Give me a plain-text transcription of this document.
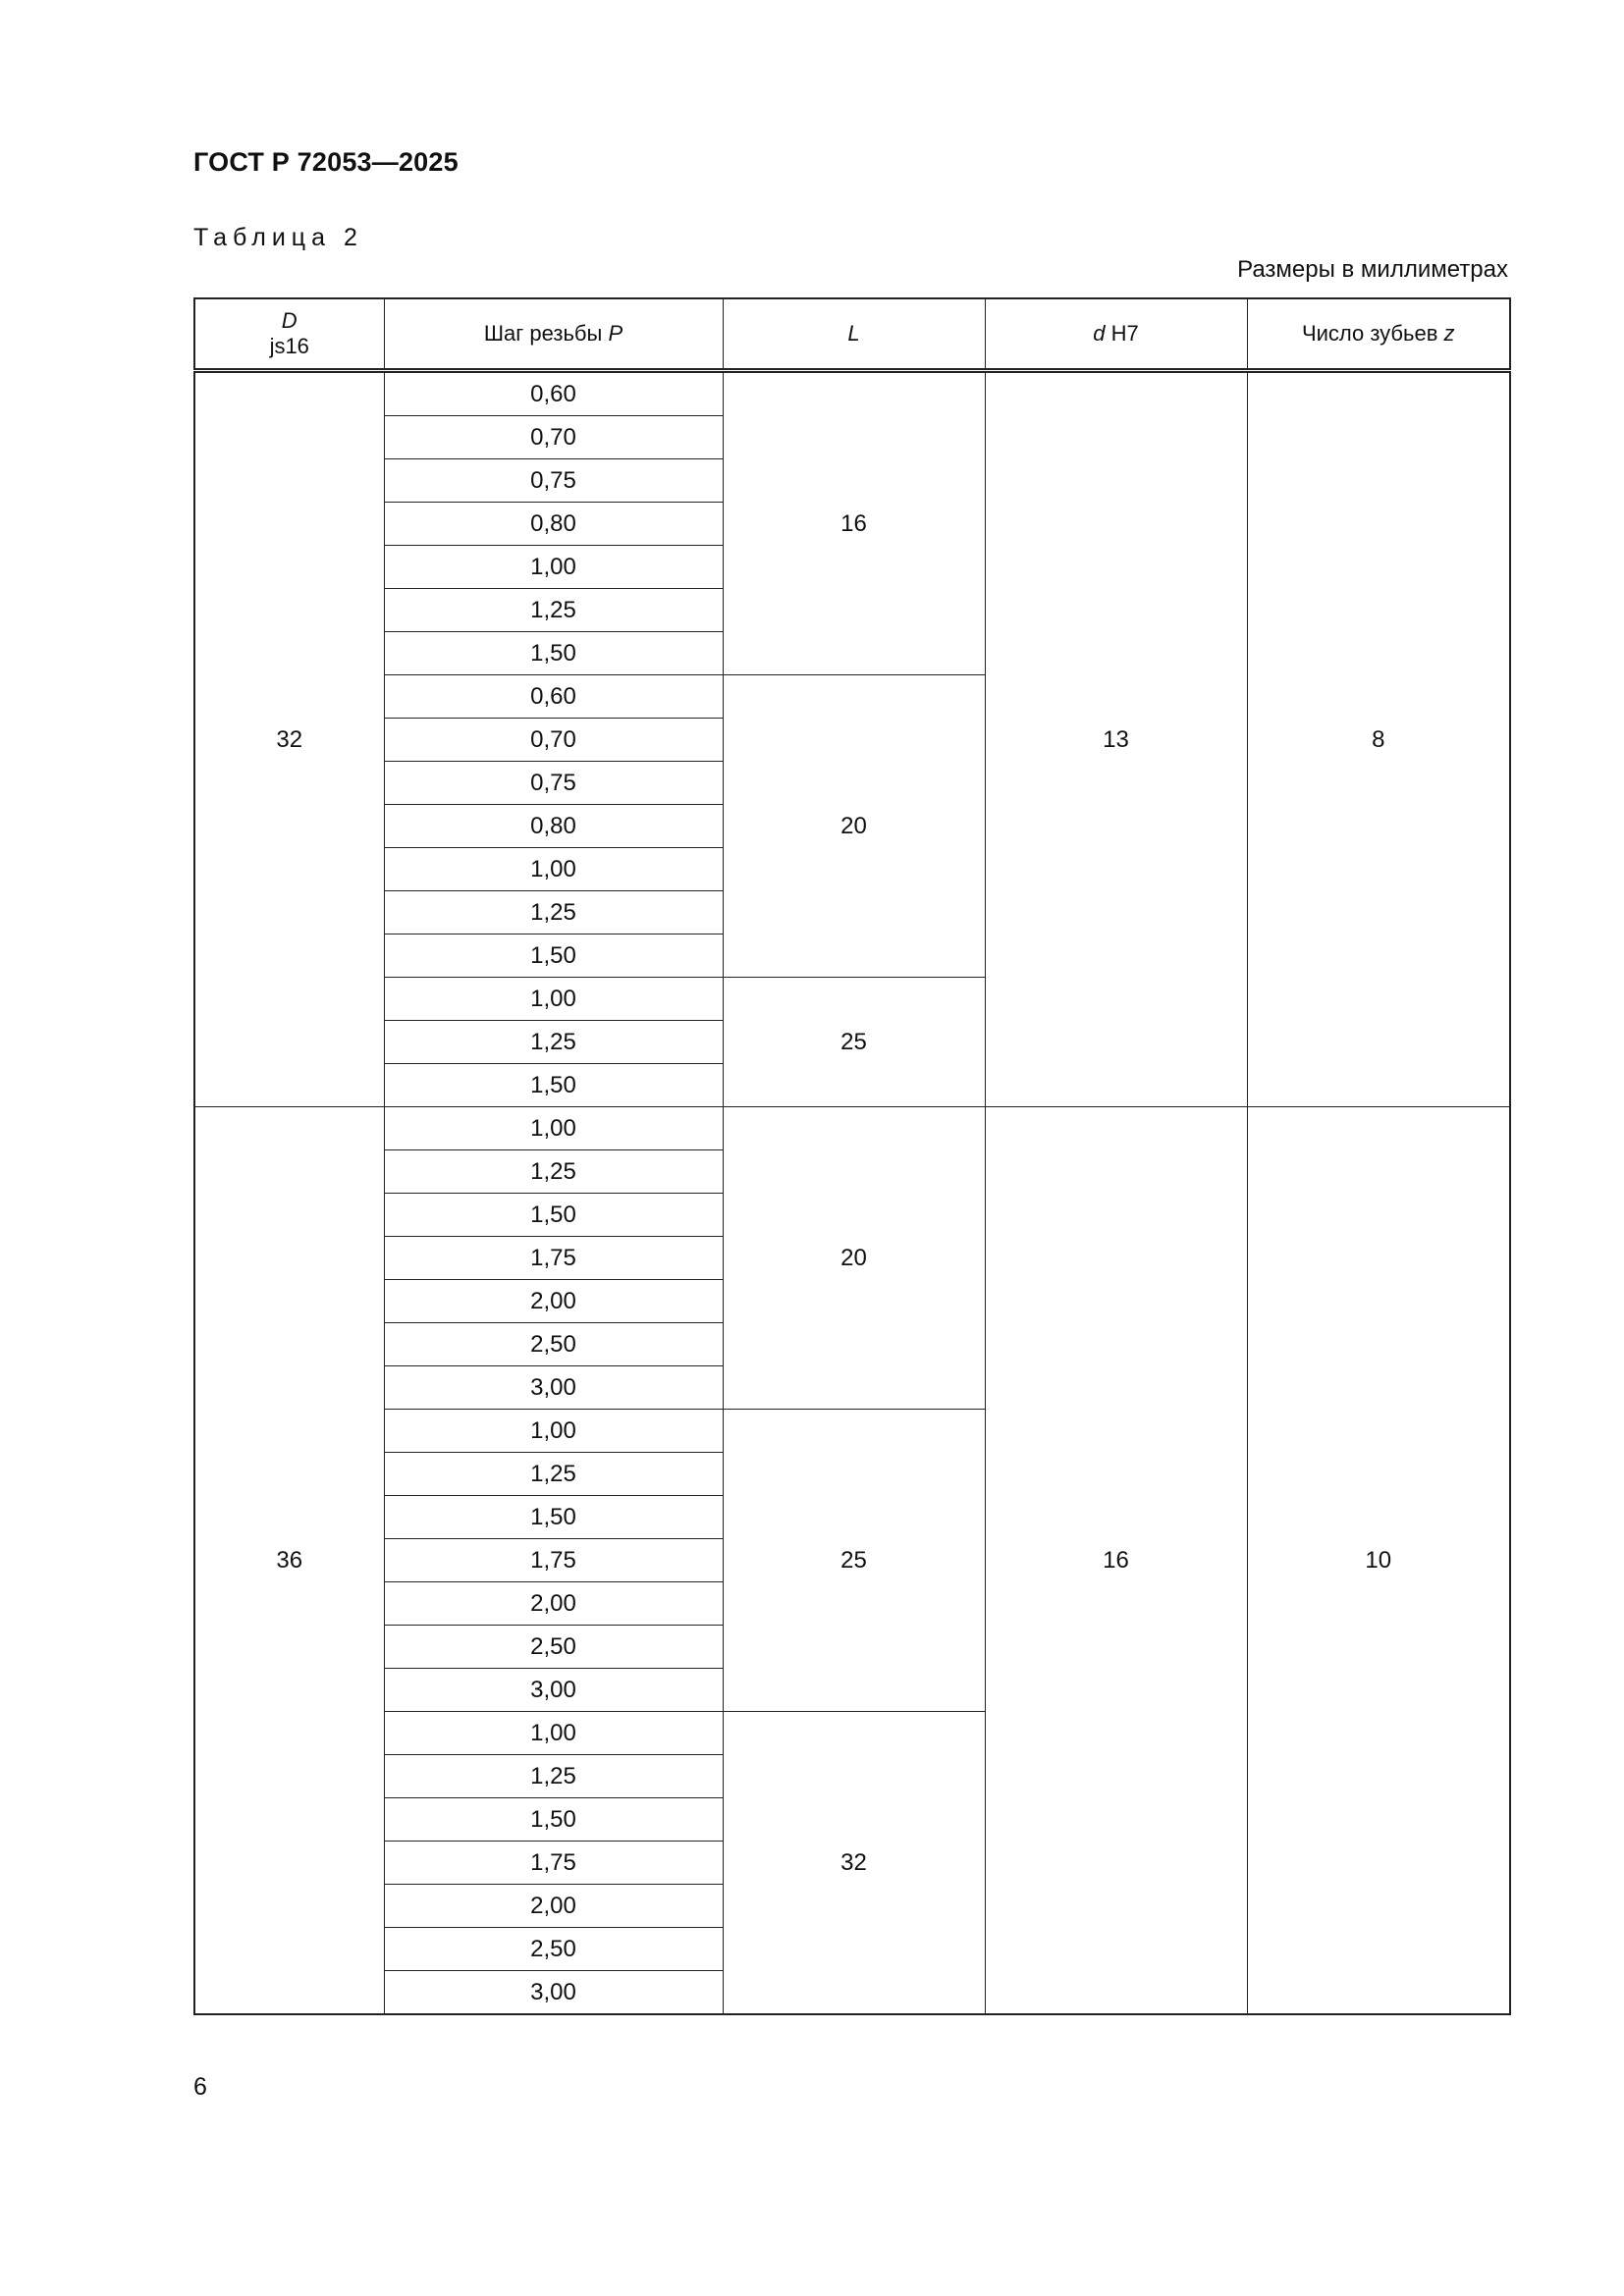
ГОСТ Р 72053—2025
Таблица 2
Размеры в миллиметрах
D
js16	Шаг резьбы P	L	d H7	Число зубьев z
32	0,60	16	13	8
	0,70			
	0,75			
	0,80			
	1,00			
	1,25			
	1,50			
	0,60	20		
	0,70			
	0,75			
	0,80			
	1,00			
	1,25			
	1,50			
	1,00	25		
	1,25			
	1,50			
36	1,00	20	16	10
	1,25			
	1,50			
	1,75			
	2,00			
	2,50			
	3,00			
	1,00	25		
	1,25			
	1,50			
	1,75			
	2,00			
	2,50			
	3,00			
	1,00	32		
	1,25			
	1,50			
	1,75			
	2,00			
	2,50			
	3,00			
6
